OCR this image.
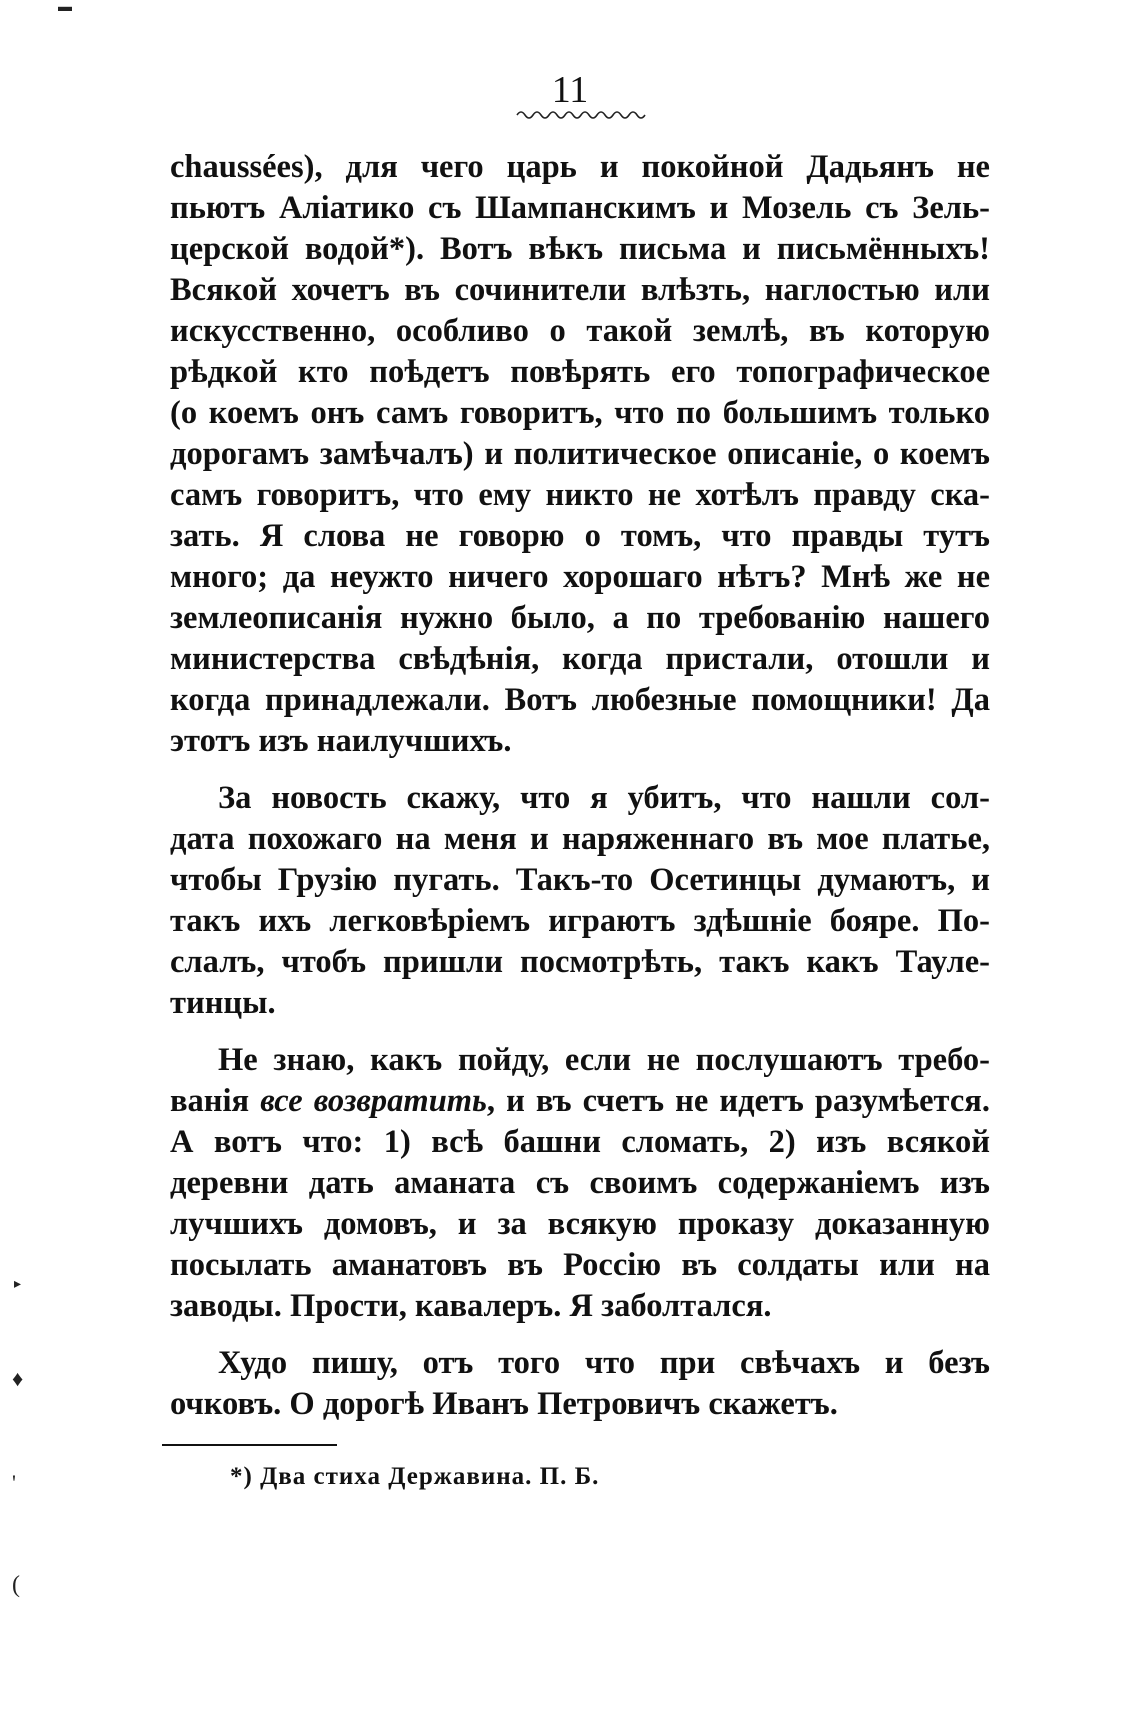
11

chaussées), для чего царь и покойной Дадьянъ не
пьютъ Аліатико съ Шампанскимъ и Мозель съ Зель-
церской водой*). Вотъ вѣкъ письма и письмённыхъ!
Всякой хочетъ въ сочинители влѣзть, наглостью или
искусственно, особливо о такой землѣ, въ которую
рѣдкой кто поѣдетъ повѣрять его топографическое
(о коемъ онъ самъ говоритъ, что по большимъ только
дорогамъ замѣчалъ) и политическое описаніе, о коемъ
самъ говоритъ, что ему никто не хотѣлъ правду ска-
зать. Я слова не говорю о томъ, что правды тутъ
много; да неужто ничего хорошаго нѣтъ? Мнѣ же не
землеописанія нужно было, а по требованію нашего
министерства свѣдѣнія, когда пристали, отошли и
когда принадлежали. Вотъ любезные помощники! Да
этотъ изъ наилучшихъ.

За новость скажу, что я убитъ, что нашли сол-
дата похожаго на меня и наряженнаго въ мое платье,
чтобы Грузію пугать. Такъ-то Осетинцы думаютъ, и
такъ ихъ легковѣріемъ играютъ здѣшніе бояре. По-
слалъ, чтобъ пришли посмотрѣть, такъ какъ Тауле-
тинцы.

Не знаю, какъ пойду, если не послушаютъ требо-
ванія все возвратить, и въ счетъ не идетъ разумѣется.
А вотъ что: 1) всѣ башни сломать, 2) изъ всякой
деревни дать аманата съ своимъ содержаніемъ изъ
лучшихъ домовъ, и за всякую проказу доказанную
посылать аманатовъ въ Россію въ солдаты или на
заводы. Прости, кавалеръ. Я заболтался.

Худо пишу, отъ того что при свѣчахъ и безъ
очковъ. О дорогѣ Иванъ Петровичъ скажетъ.

*) Два стиха Державина. П. Б.
▬
▸
♦
'
(
